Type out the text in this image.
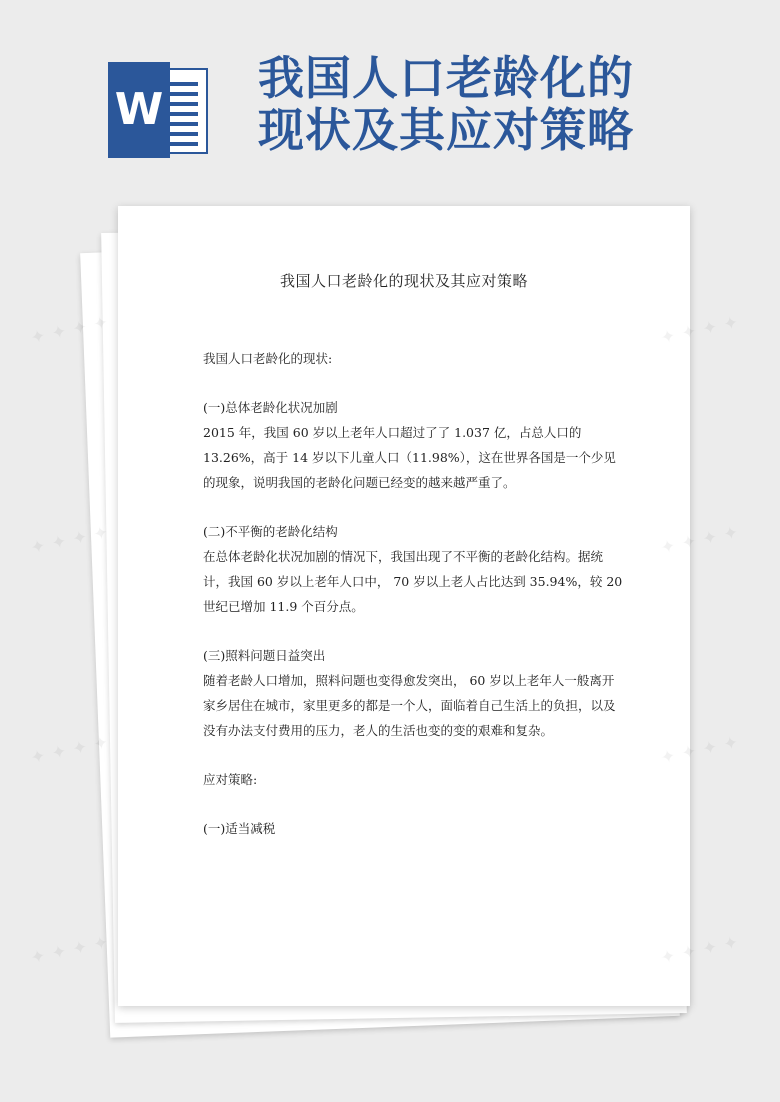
W
我国人口老龄化的
现状及其应对策略
我国人口老龄化的现状及其应对策略

我国人口老龄化的现状:

(一)总体老龄化状况加剧

2015 年，我国 60 岁以上老年人口超过了了 1.037 亿，占总人口的 13.26%，高于 14 岁以下儿童人口（11.98%），这在世界各国是一个少见的现象，说明我国的老龄化问题已经变的越来越严重了。

(二)不平衡的老龄化结构

在总体老龄化状况加剧的情况下，我国出现了不平衡的老龄化结构。据统计，我国 60 岁以上老年人口中， 70 岁以上老人占比达到 35.94%，较 20 世纪已增加 11.9 个百分点。

(三)照料问题日益突出

随着老龄人口增加，照料问题也变得愈发突出， 60 岁以上老年人一般离开家乡居住在城市，家里更多的都是一个人，面临着自己生活上的负担，以及没有办法支付费用的压力，老人的生活也变的变的艰难和复杂。

应对策略:

(一)适当减税

✦ ✦ ✦ ✦	✦ ✦ ✦ ✦
✦ ✦ ✦ ✦	✦ ✦ ✦ ✦
✦ ✦ ✦ ✦	✦ ✦ ✦ ✦
✦ ✦ ✦ ✦	✦ ✦ ✦ ✦
